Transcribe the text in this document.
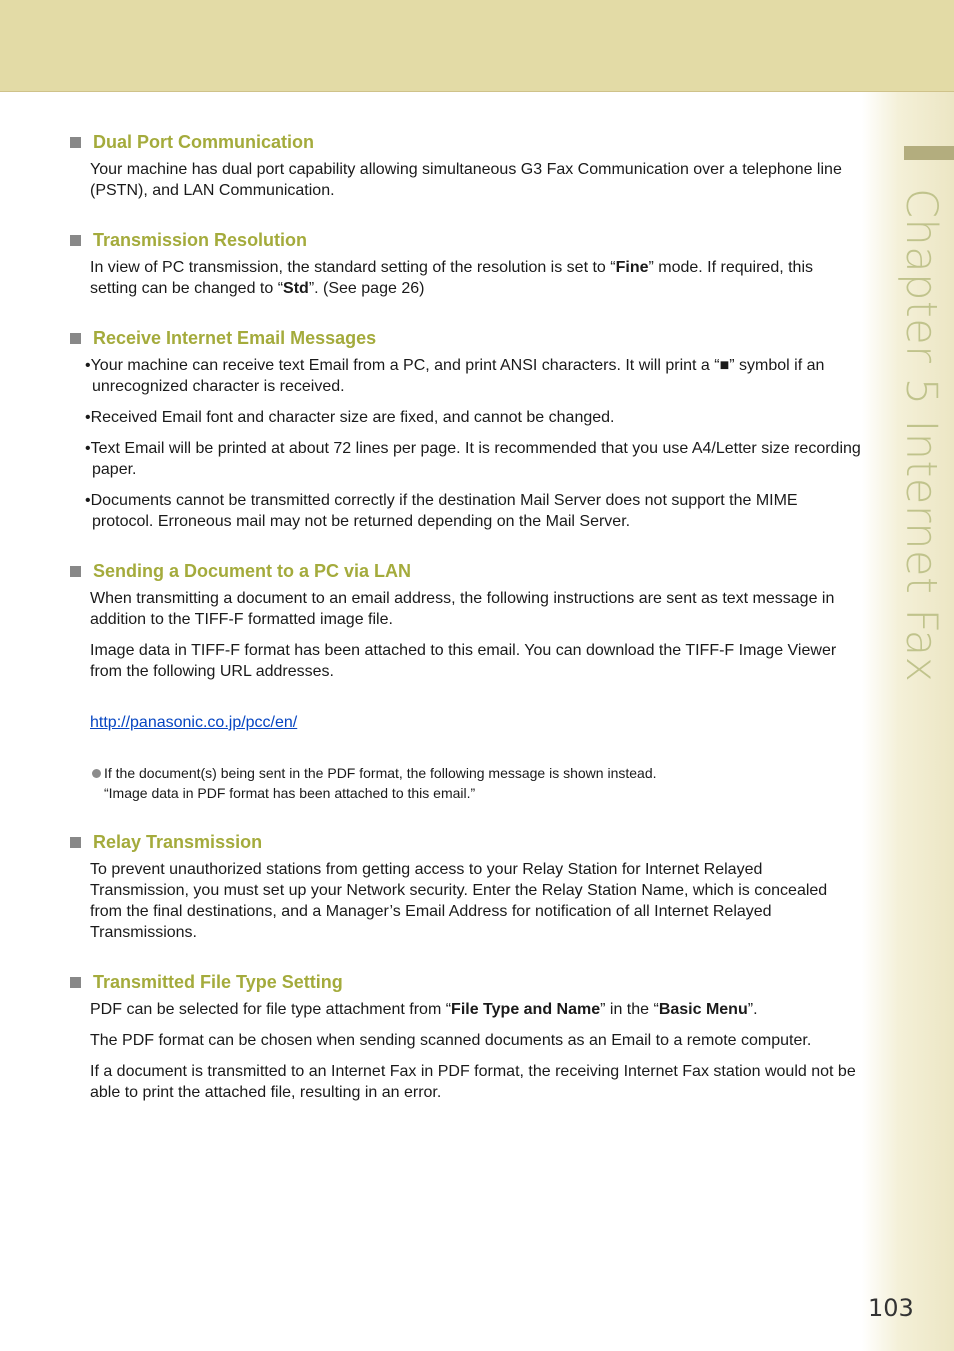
Chapter 5 Internet Fax
Dual Port Communication

Your machine has dual port capability allowing simultaneous G3 Fax Communication over a telephone line (PSTN), and LAN Communication.

Transmission Resolution

In view of PC transmission, the standard setting of the resolution is set to “Fine” mode. If required, this setting can be changed to “Std”. (See page 26)

Receive Internet Email Messages
•Your machine can receive text Email from a PC, and print ANSI characters. It will print a “■” symbol if an unrecognized character is received.
•Received Email font and character size are fixed, and cannot be changed.
•Text Email will be printed at about 72 lines per page. It is recommended that you use A4/Letter size recording paper.
•Documents cannot be transmitted correctly if the destination Mail Server does not support the MIME protocol. Erroneous mail may not be returned depending on the Mail Server.
Sending a Document to a PC via LAN

When transmitting a document to an email address, the following instructions are sent as text message in addition to the TIFF-F formatted image file.

Image data in TIFF-F format has been attached to this email. You can download the TIFF-F Image Viewer from the following URL addresses.

http://panasonic.co.jp/pcc/en/

If the document(s) being sent in the PDF format, the following message is shown instead.
“Image data in PDF format has been attached to this email.”
Relay Transmission

To prevent unauthorized stations from getting access to your Relay Station for Internet Relayed Transmission, you must set up your Network security. Enter the Relay Station Name, which is concealed from the final destinations, and a Manager’s Email Address for notification of all Internet Relayed Transmissions.

Transmitted File Type Setting

PDF can be selected for file type attachment from “File Type and Name” in the “Basic Menu”.

The PDF format can be chosen when sending scanned documents as an Email to a remote computer.

If a document is transmitted to an Internet Fax in PDF format, the receiving Internet Fax station would not be able to print the attached file, resulting in an error.

103
